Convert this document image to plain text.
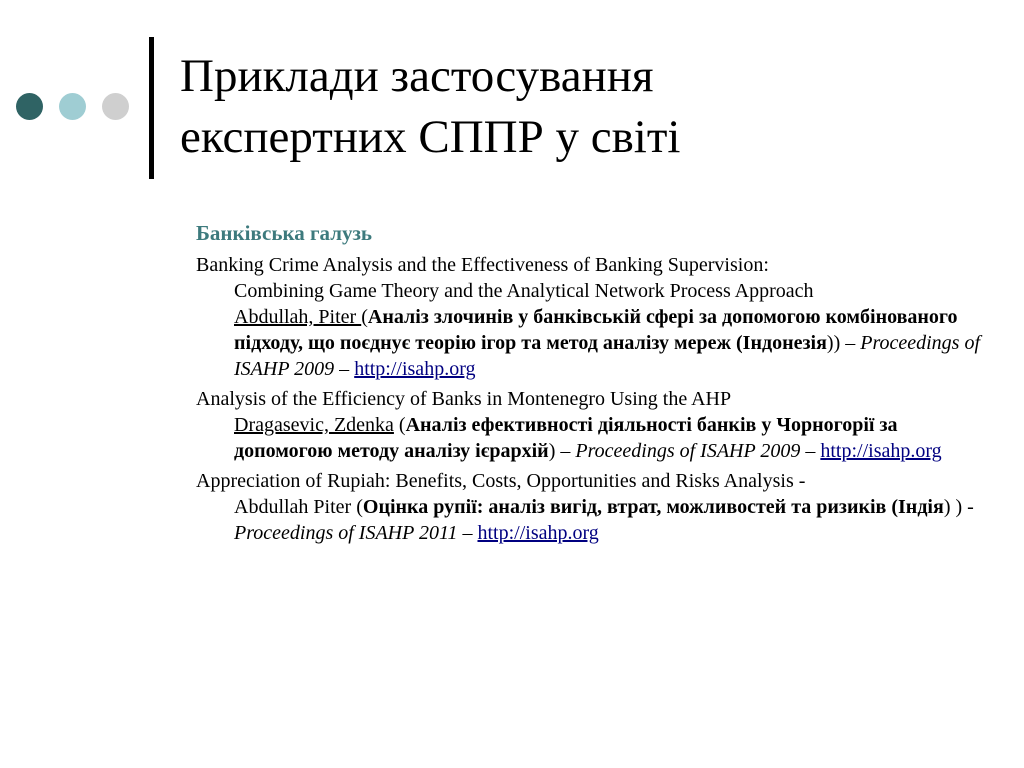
Приклади застосування
експертних СППР у світі
Банківська галузь
Banking Crime Analysis and the Effectiveness of Banking Supervision:
Combining Game Theory and the Analytical Network Process Approach
Abdullah, Piter (Аналіз злочинів у банківській сфері за допомогою комбінованого підходу, що поєднує теорію ігор та метод аналізу мереж (Індонезія)) – Proceedings of ISAHP 2009 – http://isahp.org
Analysis of the Efficiency of Banks in Montenegro Using the AHP
Dragasevic, Zdenka (Аналіз ефективності діяльності банків у Чорногорії за допомогою методу аналізу ієрархій) – Proceedings of ISAHP 2009 – http://isahp.org
Appreciation of Rupiah: Benefits, Costs, Opportunities and Risks Analysis -
Abdullah Piter (Оцінка рупії: аналіз вигід, втрат, можливостей та ризиків (Індія) ) - Proceedings of ISAHP 2011 – http://isahp.org
